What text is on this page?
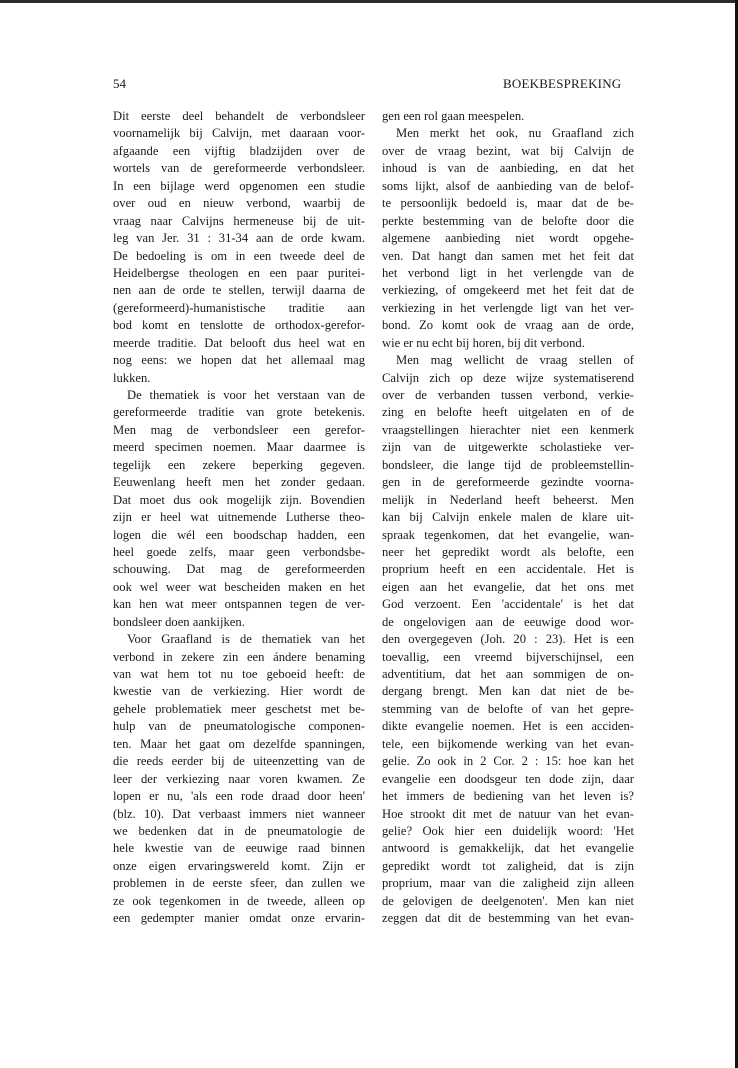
54	BOEKBESPREKING
Dit eerste deel behandelt de verbondsleer
voornamelijk bij Calvijn, met daaraan voor-
afgaande een vijftig bladzijden over de
wortels van de gereformeerde verbondsleer.
In een bijlage werd opgenomen een studie
over oud en nieuw verbond, waarbij de
vraag naar Calvijns hermeneuse bij de uit-
leg van Jer. 31 : 31-34 aan de orde kwam.
De bedoeling is om in een tweede deel de
Heidelbergse theologen en een paar puritei-
nen aan de orde te stellen, terwijl daarna de
(gereformeerd)-humanistische traditie aan
bod komt en tenslotte de orthodox-gerefor-
meerde traditie. Dat belooft dus heel wat en
nog eens: we hopen dat het allemaal mag
lukken.
De thematiek is voor het verstaan van de
gereformeerde traditie van grote betekenis.
Men mag de verbondsleer een gerefor-
meerd specimen noemen. Maar daarmee is
tegelijk een zekere beperking gegeven.
Eeuwenlang heeft men het zonder gedaan.
Dat moet dus ook mogelijk zijn. Bovendien
zijn er heel wat uitnemende Lutherse theo-
logen die wél een boodschap hadden, een
heel goede zelfs, maar geen verbondsbe-
schouwing. Dat mag de gereformeerden
ook wel weer wat bescheiden maken en het
kan hen wat meer ontspannen tegen de ver-
bondsleer doen aankijken.
Voor Graafland is de thematiek van het
verbond in zekere zin een ándere benaming
van wat hem tot nu toe geboeid heeft: de
kwestie van de verkiezing. Hier wordt de
gehele problematiek meer geschetst met be-
hulp van de pneumatologische componen-
ten. Maar het gaat om dezelfde spanningen,
die reeds eerder bij de uiteenzetting van de
leer der verkiezing naar voren kwamen. Ze
lopen er nu, 'als een rode draad door heen'
(blz. 10). Dat verbaast immers niet wanneer
we bedenken dat in de pneumatologie de
hele kwestie van de eeuwige raad binnen
onze eigen ervaringswereld komt. Zijn er
problemen in de eerste sfeer, dan zullen we
ze ook tegenkomen in de tweede, alleen op
een gedempter manier omdat onze ervarin-
gen een rol gaan meespelen.
Men merkt het ook, nu Graafland zich
over de vraag bezint, wat bij Calvijn de
inhoud is van de aanbieding, en dat het
soms lijkt, alsof de aanbieding van de belof-
te persoonlijk bedoeld is, maar dat de be-
perkte bestemming van de belofte door die
algemene aanbieding niet wordt opgehe-
ven. Dat hangt dan samen met het feit dat
het verbond ligt in het verlengde van de
verkiezing, of omgekeerd met het feit dat de
verkiezing in het verlengde ligt van het ver-
bond. Zo komt ook de vraag aan de orde,
wie er nu echt bij horen, bij dit verbond.
Men mag wellicht de vraag stellen of
Calvijn zich op deze wijze systematiserend
over de verbanden tussen verbond, verkie-
zing en belofte heeft uitgelaten en of de
vraagstellingen hierachter niet een kenmerk
zijn van de uitgewerkte scholastieke ver-
bondsleer, die lange tijd de probleemstellin-
gen in de gereformeerde gezindte voorna-
melijk in Nederland heeft beheerst. Men
kan bij Calvijn enkele malen de klare uit-
spraak tegenkomen, dat het evangelie, wan-
neer het gepredikt wordt als belofte, een
proprium heeft en een accidentale. Het is
eigen aan het evangelie, dat het ons met
God verzoent. Een 'accidentale' is het dat
de ongelovigen aan de eeuwige dood wor-
den overgegeven (Joh. 20 : 23). Het is een
toevallig, een vreemd bijverschijnsel, een
adventitium, dat het aan sommigen de on-
dergang brengt. Men kan dat niet de be-
stemming van de belofte of van het gepre-
dikte evangelie noemen. Het is een acciden-
tele, een bijkomende werking van het evan-
gelie. Zo ook in 2 Cor. 2 : 15: hoe kan het
evangelie een doodsgeur ten dode zijn, daar
het immers de bediening van het leven is?
Hoe strookt dit met de natuur van het evan-
gelie? Ook hier een duidelijk woord: 'Het
antwoord is gemakkelijk, dat het evangelie
gepredikt wordt tot zaligheid, dat is zijn
proprium, maar van die zaligheid zijn alleen
de gelovigen de deelgenoten'. Men kan niet
zeggen dat dit de bestemming van het evan-
